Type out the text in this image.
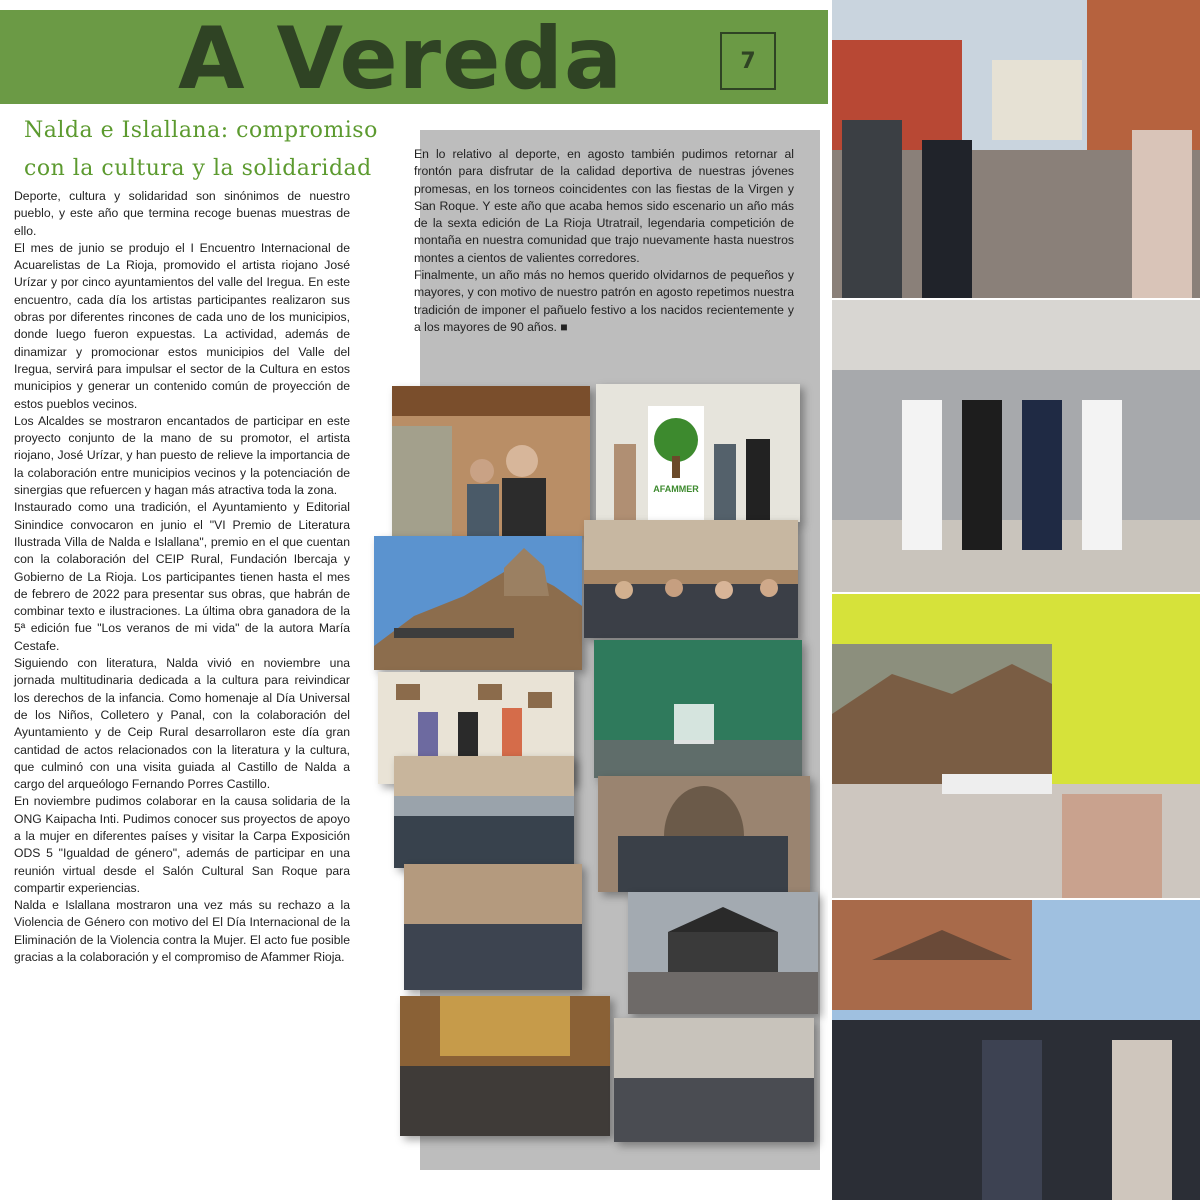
A Vereda	7
Nalda e Islallana: compromiso
con la cultura y la solidaridad

Deporte, cultura y solidaridad son sinónimos de nuestro pueblo, y este año que termina recoge buenas muestras de ello.

El mes de junio se produjo el I Encuentro Internacional de Acuarelistas de La Rioja, promovido el artista riojano José Urízar y por cinco ayuntamientos del valle del Iregua. En este encuentro, cada día los artistas participantes realizaron sus obras por diferentes rincones de cada uno de los municipios, donde luego fueron expuestas. La actividad, además de dinamizar y promocionar estos municipios del Valle del Iregua, servirá para impulsar el sector de la Cultura en estos municipios y generar un contenido común de proyección de estos pueblos vecinos.

Los Alcaldes se mostraron encantados de participar en este proyecto conjunto de la mano de su promotor, el artista riojano, José Urízar, y han puesto de relieve la importancia de la colaboración entre municipios vecinos y la potenciación de sinergias que refuercen y hagan más atractiva toda la zona.

Instaurado como una tradición, el Ayuntamiento y Editorial Sinindice convocaron en junio el "VI Premio de Literatura Ilustrada Villa de Nalda e Islallana", premio en el que cuentan con la colaboración del CEIP Rural, Fundación Ibercaja y Gobierno de La Rioja. Los participantes tienen hasta el mes de febrero de 2022 para presentar sus obras, que habrán de combinar texto e ilustraciones. La última obra ganadora de la 5ª edición fue "Los veranos de mi vida" de la autora María Cestafe.

Siguiendo con literatura, Nalda vivió en noviembre una jornada multitudinaria dedicada a la cultura para reivindicar los derechos de la infancia. Como homenaje al Día Universal de los Niños, Colletero y Panal, con la colaboración del Ayuntamiento y de Ceip Rural desarrollaron este día gran cantidad de actos relacionados con la literatura y la cultura, que culminó con una visita guiada al Castillo de Nalda a cargo del arqueólogo Fernando Porres Castillo.

En noviembre pudimos colaborar en la causa solidaria de la ONG Kaipacha Inti. Pudimos conocer sus proyectos de apoyo a la mujer en diferentes países y visitar la Carpa Exposición ODS 5 "Igualdad de género", además de participar en una reunión virtual desde el Salón Cultural San Roque para compartir experiencias.

Nalda e Islallana mostraron una vez más su rechazo a la Violencia de Género con motivo del El Día Internacional de la Eliminación de la Violencia contra la Mujer. El acto fue posible gracias a la colaboración y el compromiso de Afammer Rioja.

En lo relativo al deporte, en agosto también pudimos retornar al frontón para disfrutar de la calidad deportiva de nuestras jóvenes promesas, en los torneos coincidentes con las fiestas de la Virgen y San Roque. Y este año que acaba hemos sido escenario un año más de la sexta edición de La Rioja Utratrail, legendaria competición de montaña en nuestra comunidad que trajo nuevamente hasta nuestros montes a cientos de valientes corredores.

Finalmente, un año más no hemos querido olvidarnos de pequeños y mayores, y con motivo de nuestro patrón en agosto repetimos nuestra tradición de imponer el pañuelo festivo a los nacidos recientemente y a los mayores de 90 años. ■

AFAMMER
